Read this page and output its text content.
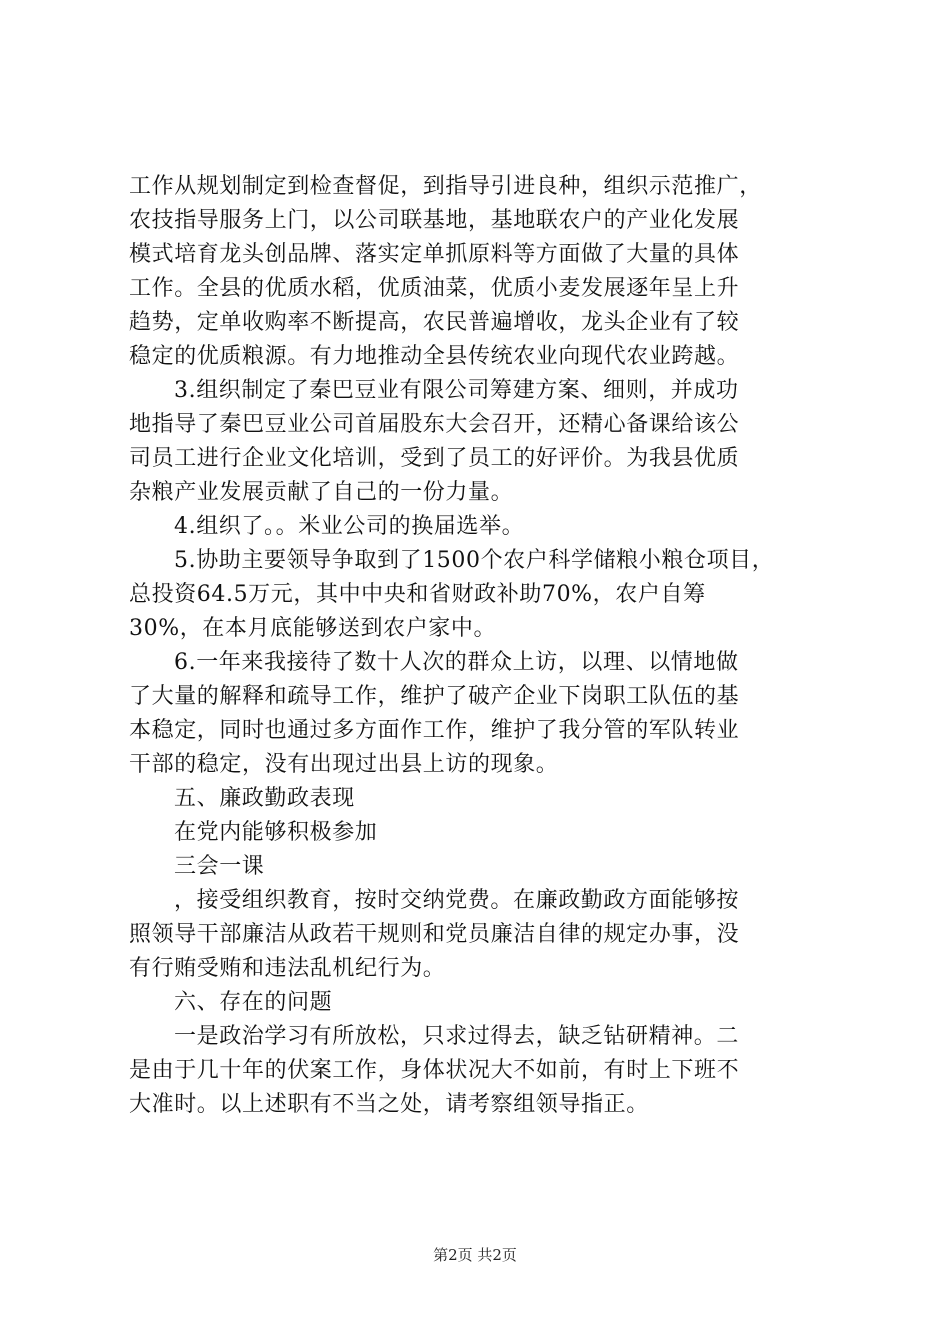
工作从规划制定到检查督促，到指导引进良种，组织示范推广，
农技指导服务上门，以公司联基地，基地联农户的产业化发展
模式培育龙头创品牌、落实定单抓原料等方面做了大量的具体
工作。全县的优质水稻，优质油菜，优质小麦发展逐年呈上升
趋势，定单收购率不断提高，农民普遍增收，龙头企业有了较
稳定的优质粮源。有力地推动全县传统农业向现代农业跨越。
3.组织制定了秦巴豆业有限公司筹建方案、细则，并成功
地指导了秦巴豆业公司首届股东大会召开，还精心备课给该公
司员工进行企业文化培训，受到了员工的好评价。为我县优质
杂粮产业发展贡献了自己的一份力量。
4.组织了。。米业公司的换届选举。
5.协助主要领导争取到了1500个农户科学储粮小粮仓项目，
总投资64.5万元，其中中央和省财政补助70%，农户自筹
30%，在本月底能够送到农户家中。
6.一年来我接待了数十人次的群众上访，以理、以情地做
了大量的解释和疏导工作，维护了破产企业下岗职工队伍的基
本稳定，同时也通过多方面作工作，维护了我分管的军队转业
干部的稳定，没有出现过出县上访的现象。
五、廉政勤政表现
在党内能够积极参加
三会一课
，接受组织教育，按时交纳党费。在廉政勤政方面能够按
照领导干部廉洁从政若干规则和党员廉洁自律的规定办事，没
有行贿受贿和违法乱机纪行为。
六、存在的问题
一是政治学习有所放松，只求过得去，缺乏钻研精神。二
是由于几十年的伏案工作，身体状况大不如前，有时上下班不
大准时。以上述职有不当之处，请考察组领导指正。
第2页 共2页
